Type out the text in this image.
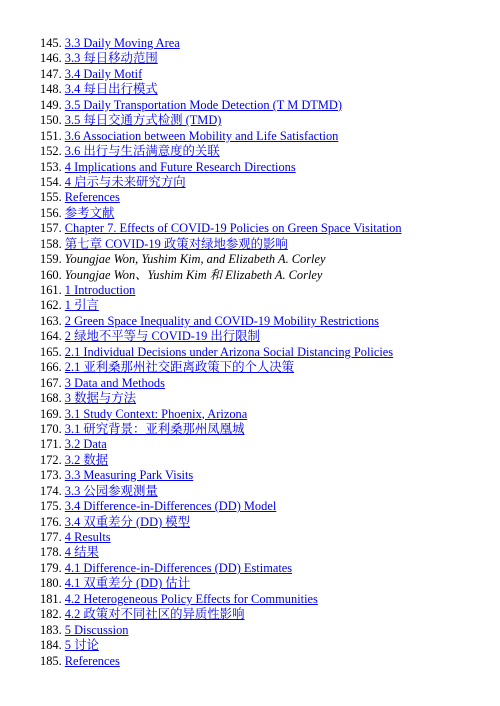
145. 3.3 Daily Moving Area
146. 3.3 每日移动范围
147. 3.4 Daily Motif
148. 3.4 每日出行模式
149. 3.5 Daily Transportation Mode Detection (T M DTMD)
150. 3.5 每日交通方式检测 (TMD)
151. 3.6 Association between Mobility and Life Satisfaction
152. 3.6 出行与生活满意度的关联
153. 4 Implications and Future Research Directions
154. 4 启示与未来研究方向
155. References
156. 参考文献
157. Chapter 7. Effects of COVID-19 Policies on Green Space Visitation
158. 第七章 COVID-19 政策对绿地参观的影响
159. Youngjae Won, Yushim Kim, and Elizabeth A. Corley
160. Youngjae Won、Yushim Kim 和 Elizabeth A. Corley
161. 1 Introduction
162. 1 引言
163. 2 Green Space Inequality and COVID-19 Mobility Restrictions
164. 2 绿地不平等与 COVID-19 出行限制
165. 2.1 Individual Decisions under Arizona Social Distancing Policies
166. 2.1 亚利桑那州社交距离政策下的个人决策
167. 3 Data and Methods
168. 3 数据与方法
169. 3.1 Study Context: Phoenix, Arizona
170. 3.1 研究背景：亚利桑那州凤凰城
171. 3.2 Data
172. 3.2 数据
173. 3.3 Measuring Park Visits
174. 3.3 公园参观测量
175. 3.4 Difference-in-Differences (DD) Model
176. 3.4 双重差分 (DD) 模型
177. 4 Results
178. 4 结果
179. 4.1 Difference-in-Differences (DD) Estimates
180. 4.1 双重差分 (DD) 估计
181. 4.2 Heterogeneous Policy Effects for Communities
182. 4.2 政策对不同社区的异质性影响
183. 5 Discussion
184. 5 讨论
185. References
